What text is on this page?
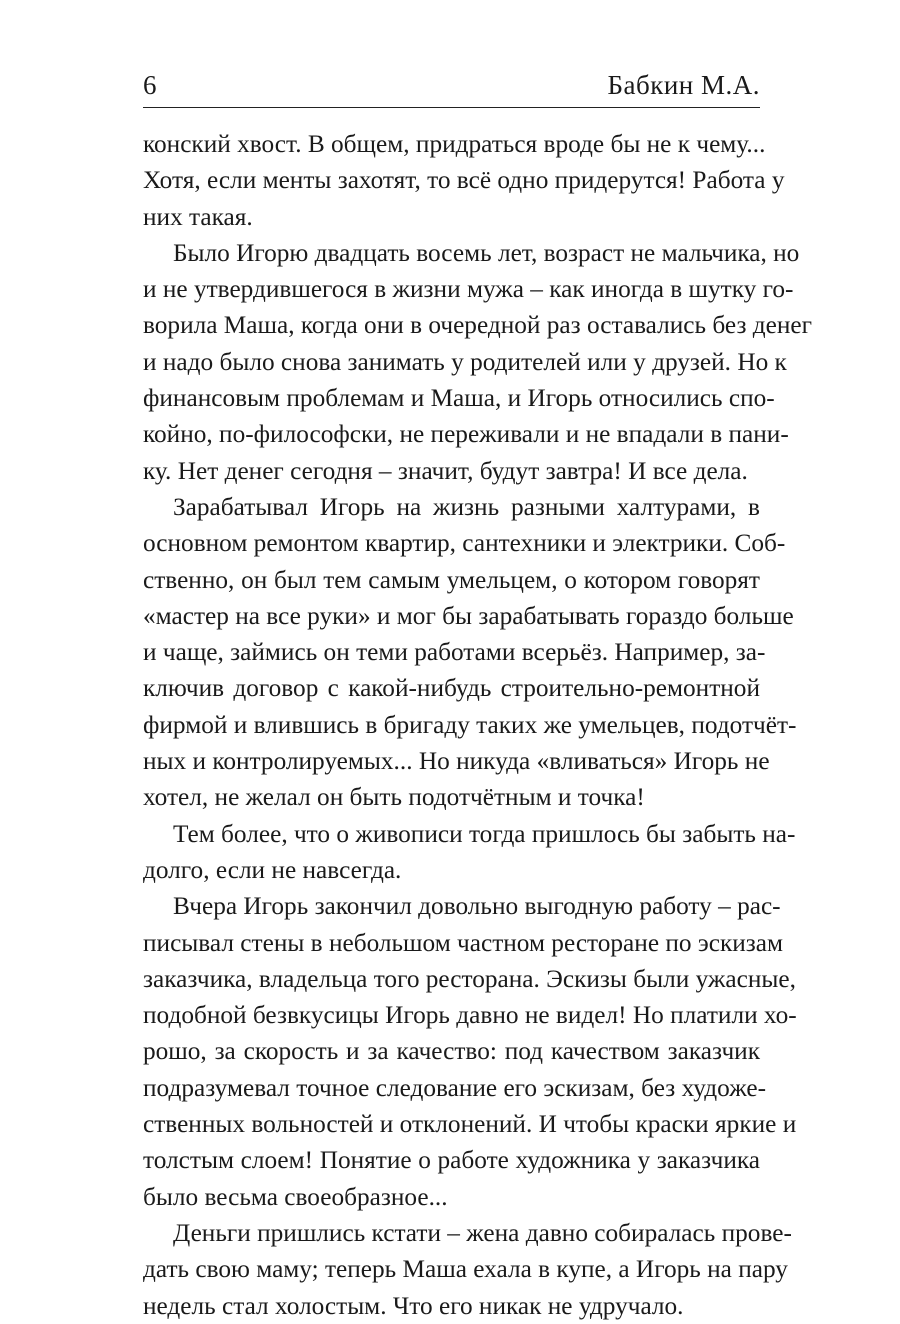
6	Бабкин М.А.
конский хвост. В общем, придраться вроде бы не к чему...
Хотя, если менты захотят, то всё одно придерутся! Работа у
них такая.
Было Игорю двадцать восемь лет, возраст не мальчика, но
и не утвердившегося в жизни мужа – как иногда в шутку го-
ворила Маша, когда они в очередной раз оставались без денег
и надо было снова занимать у родителей или у друзей. Но к
финансовым проблемам и Маша, и Игорь относились спо-
койно, по-философски, не переживали и не впадали в пани-
ку. Нет денег сегодня – значит, будут завтра! И все дела.
Зарабатывал Игорь на жизнь разными халтурами, в
основном ремонтом квартир, сантехники и электрики. Соб-
ственно, он был тем самым умельцем, о котором говорят
«мастер на все руки» и мог бы зарабатывать гораздо больше
и чаще, займись он теми работами всерьёз. Например, за-
ключив договор с какой-нибудь строительно-ремонтной
фирмой и влившись в бригаду таких же умельцев, подотчёт-
ных и контролируемых... Но никуда «вливаться» Игорь не
хотел, не желал он быть подотчётным и точка!
Тем более, что о живописи тогда пришлось бы забыть на-
долго, если не навсегда.
Вчера Игорь закончил довольно выгодную работу – рас-
писывал стены в небольшом частном ресторане по эскизам
заказчика, владельца того ресторана. Эскизы были ужасные,
подобной безвкусицы Игорь давно не видел! Но платили хо-
рошо, за скорость и за качество: под качеством заказчик
подразумевал точное следование его эскизам, без художе-
ственных вольностей и отклонений. И чтобы краски яркие и
толстым слоем! Понятие о работе художника у заказчика
было весьма своеобразное...
Деньги пришлись кстати – жена давно собиралась прове-
дать свою маму; теперь Маша ехала в купе, а Игорь на пару
недель стал холостым. Что его никак не удручало.
